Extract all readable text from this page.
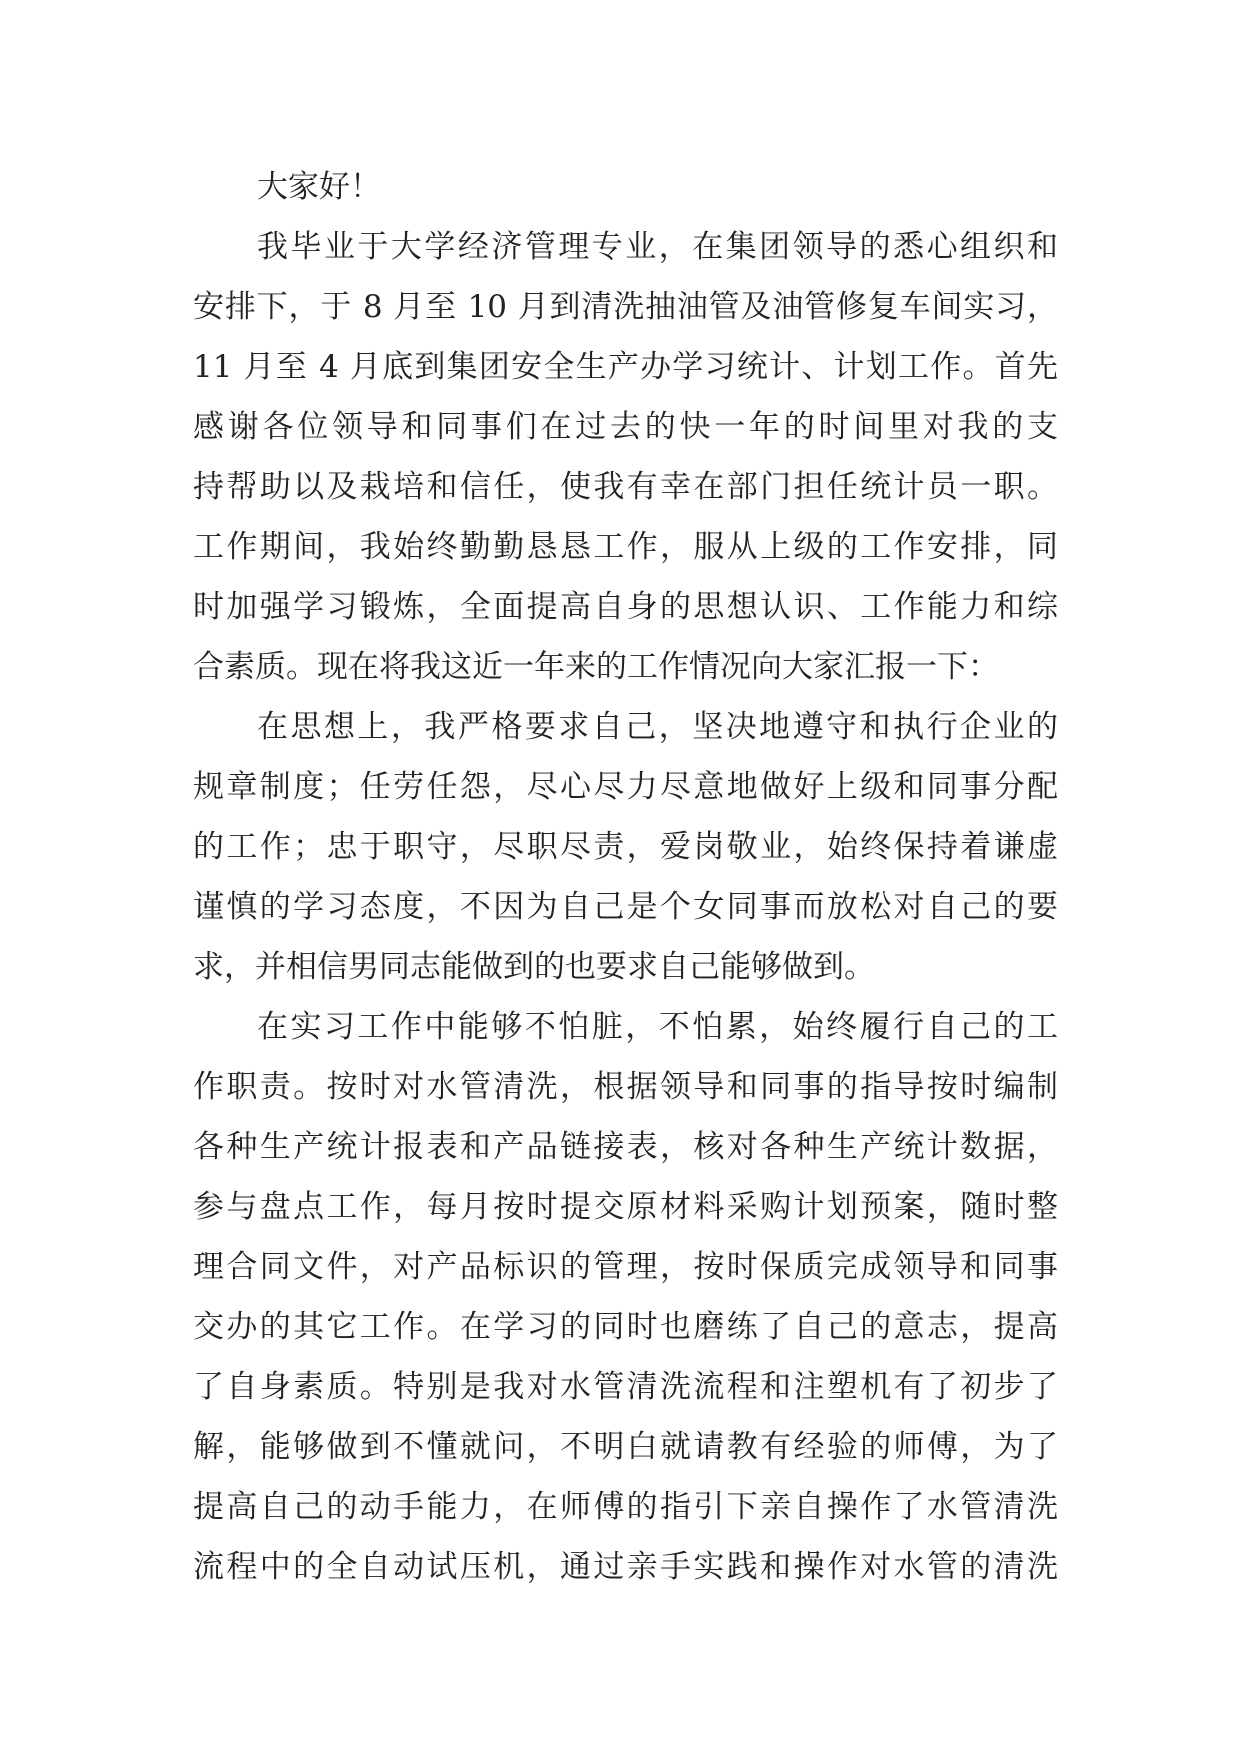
大家好！
我毕业于大学经济管理专业，在集团领导的悉心组织和
安排下，于 8 月至 10 月到清洗抽油管及油管修复车间实习，
11 月至 4 月底到集团安全生产办学习统计、计划工作。首先
感谢各位领导和同事们在过去的快一年的时间里对我的支
持帮助以及栽培和信任，使我有幸在部门担任统计员一职。
工作期间，我始终勤勤恳恳工作，服从上级的工作安排，同
时加强学习锻炼，全面提高自身的思想认识、工作能力和综
合素质。现在将我这近一年来的工作情况向大家汇报一下：
在思想上，我严格要求自己，坚决地遵守和执行企业的
规章制度；任劳任怨，尽心尽力尽意地做好上级和同事分配
的工作；忠于职守，尽职尽责，爱岗敬业，始终保持着谦虚
谨慎的学习态度，不因为自己是个女同事而放松对自己的要
求，并相信男同志能做到的也要求自己能够做到。
在实习工作中能够不怕脏，不怕累，始终履行自己的工
作职责。按时对水管清洗，根据领导和同事的指导按时编制
各种生产统计报表和产品链接表，核对各种生产统计数据，
参与盘点工作，每月按时提交原材料采购计划预案，随时整
理合同文件，对产品标识的管理，按时保质完成领导和同事
交办的其它工作。在学习的同时也磨练了自己的意志，提高
了自身素质。特别是我对水管清洗流程和注塑机有了初步了
解，能够做到不懂就问，不明白就请教有经验的师傅，为了
提高自己的动手能力，在师傅的指引下亲自操作了水管清洗
流程中的全自动试压机，通过亲手实践和操作对水管的清洗
